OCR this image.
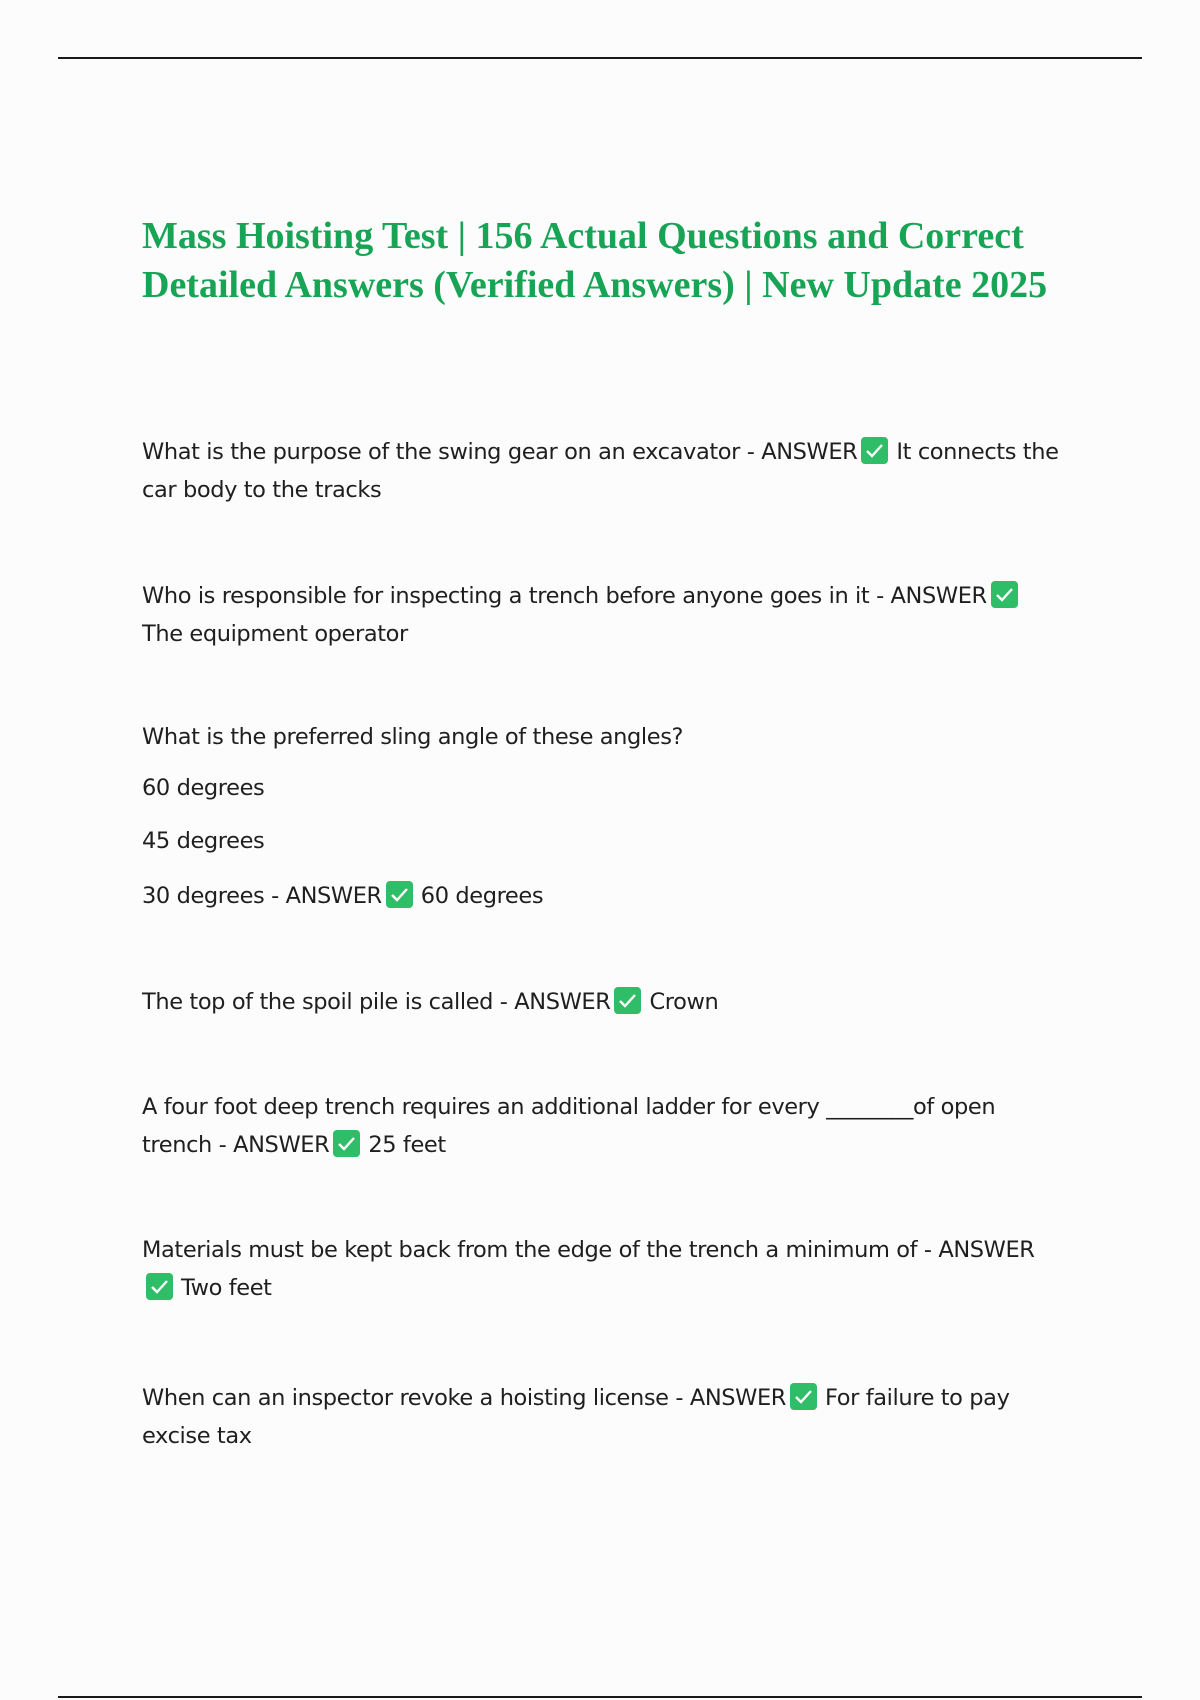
Mass Hoisting Test | 156 Actual Questions and Correct Detailed Answers (Verified Answers) | New Update 2025

What is the purpose of the swing gear on an excavator - ANSWER It connects the car body to the tracks

Who is responsible for inspecting a trench before anyone goes in it - ANSWER
The equipment operator

What is the preferred sling angle of these angles?

60 degrees

45 degrees

30 degrees - ANSWER 60 degrees

The top of the spoil pile is called - ANSWER Crown

A four foot deep trench requires an additional ladder for every ________of open trench - ANSWER 25 feet

Materials must be kept back from the edge of the trench a minimum of - ANSWER
Two feet

When can an inspector revoke a hoisting license - ANSWER For failure to pay excise tax
